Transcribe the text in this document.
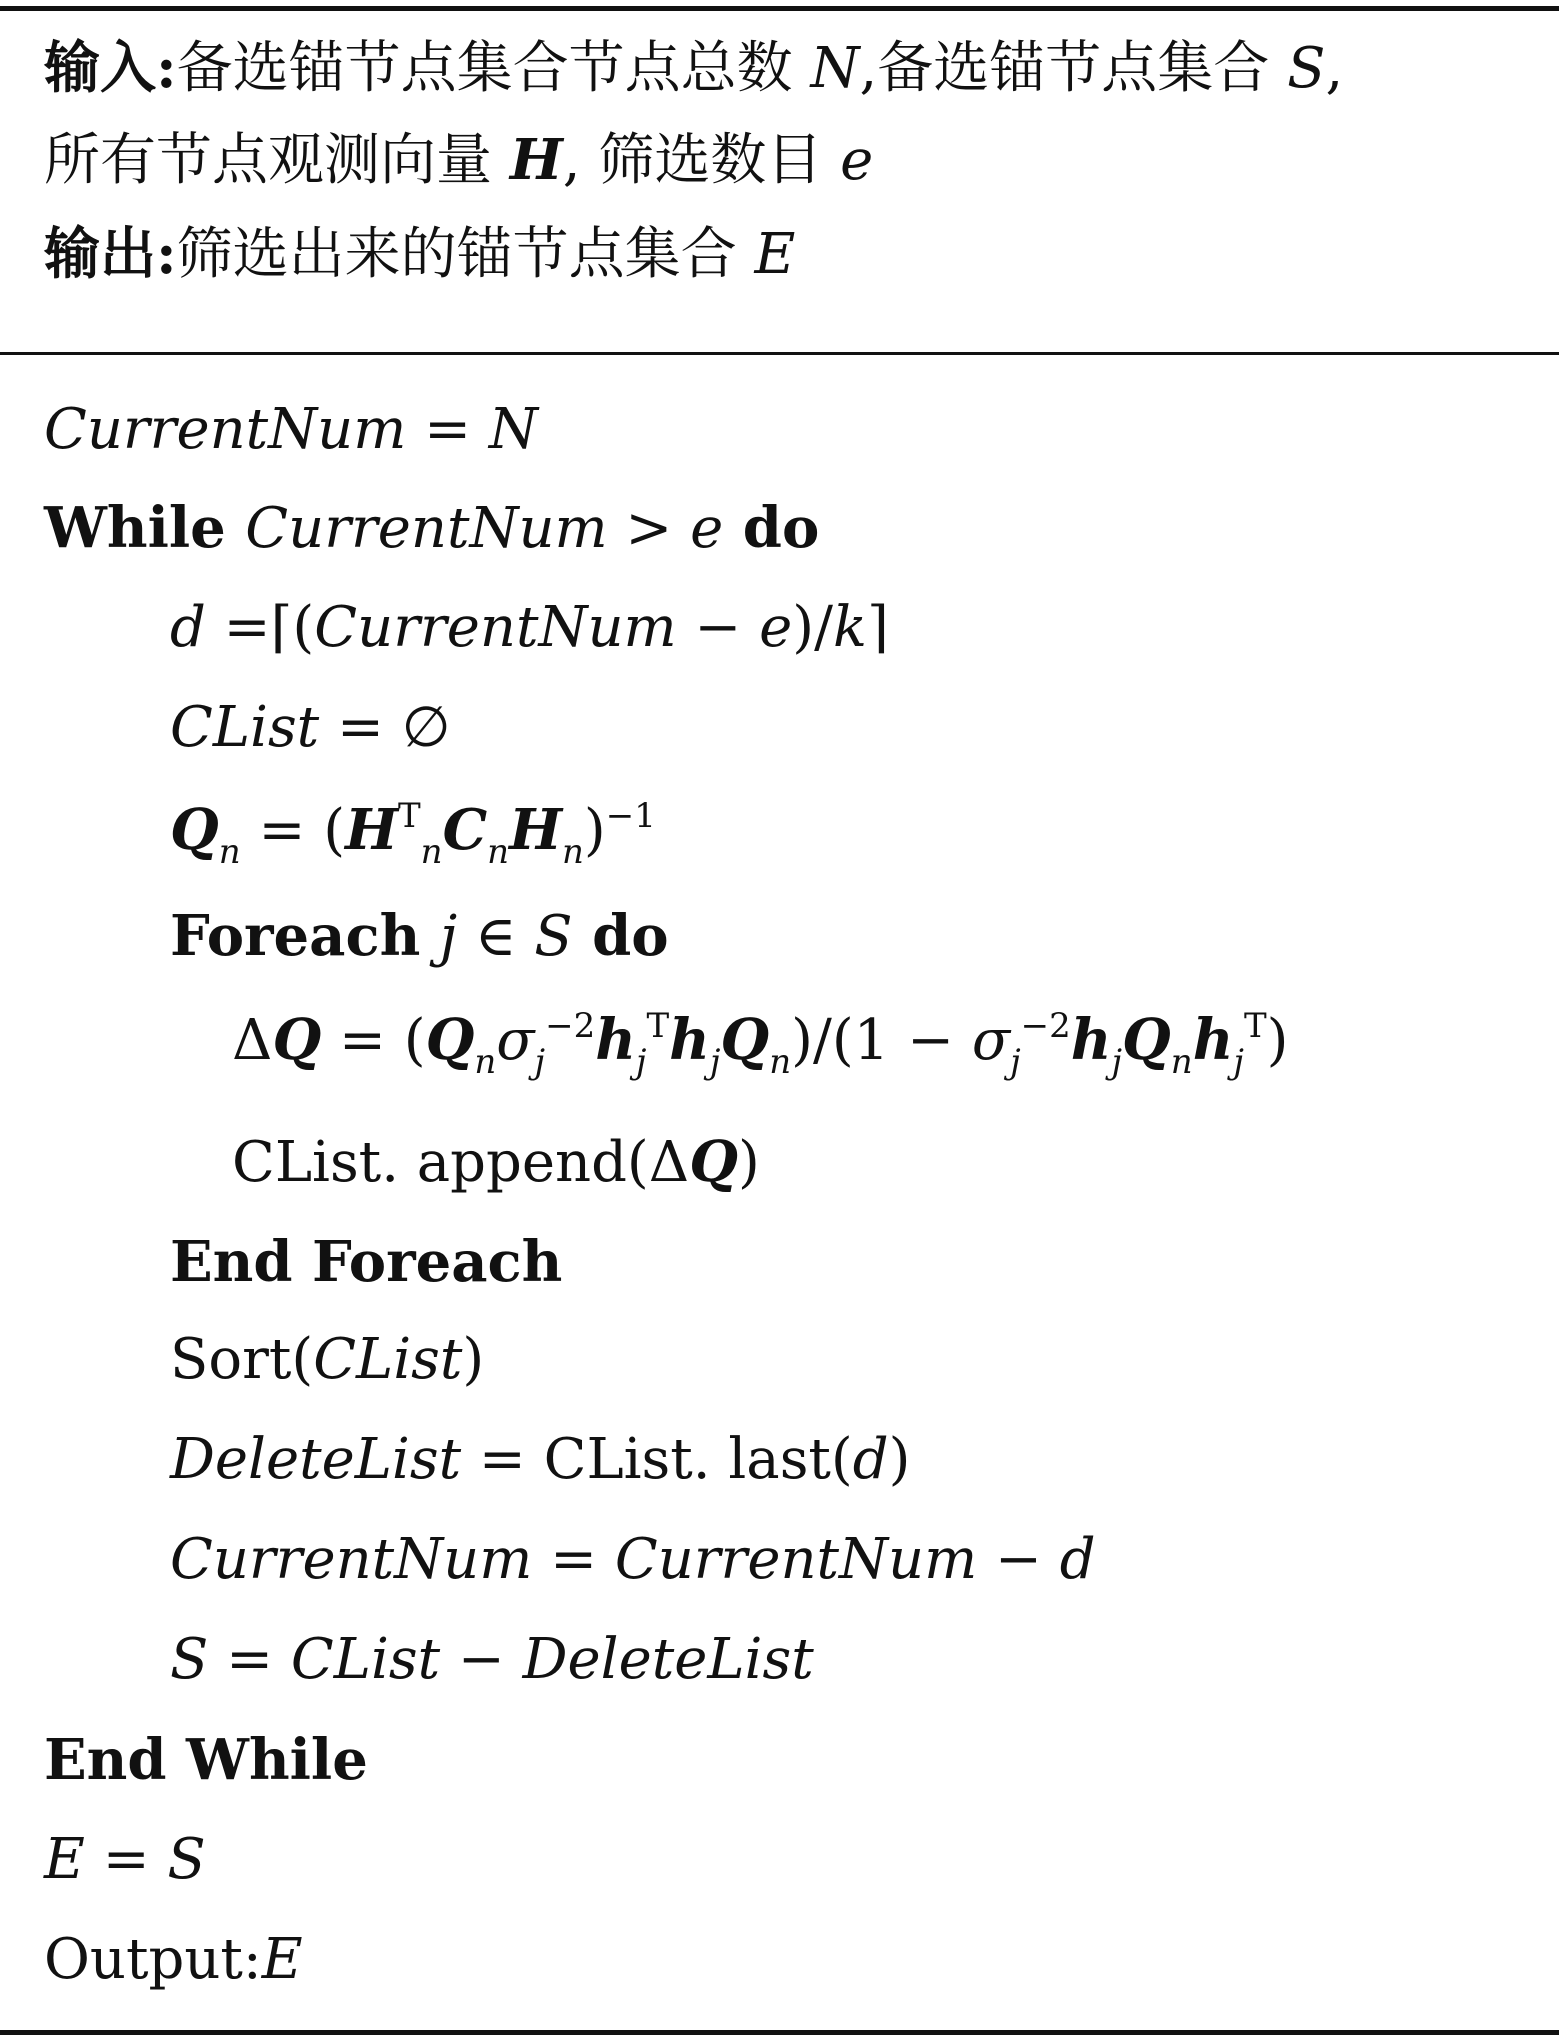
输入:备选锚节点集合节点总数 N,备选锚节点集合 S,
所有节点观测向量 H, 筛选数目 e
输出:筛选出来的锚节点集合 E
CurrentNum = N
While CurrentNum > e do
d =⌈(CurrentNum − e)/k⌉
CList = ∅
$Q_n = (H^T_nC_nH_n)^{-1}$
Foreach j ∈ S do
$\Delta Q = (Q_n\sigma_j^{-2}h_j^Th_jQ_n)/(1 - \sigma_j^{-2}h_jQ_nh_j^T)$
CList. append(ΔQ)
End Foreach
Sort(CList)
DeleteList = CList. last(d)
CurrentNum = CurrentNum − d
S = CList − DeleteList
End While
E = S
Output:E
